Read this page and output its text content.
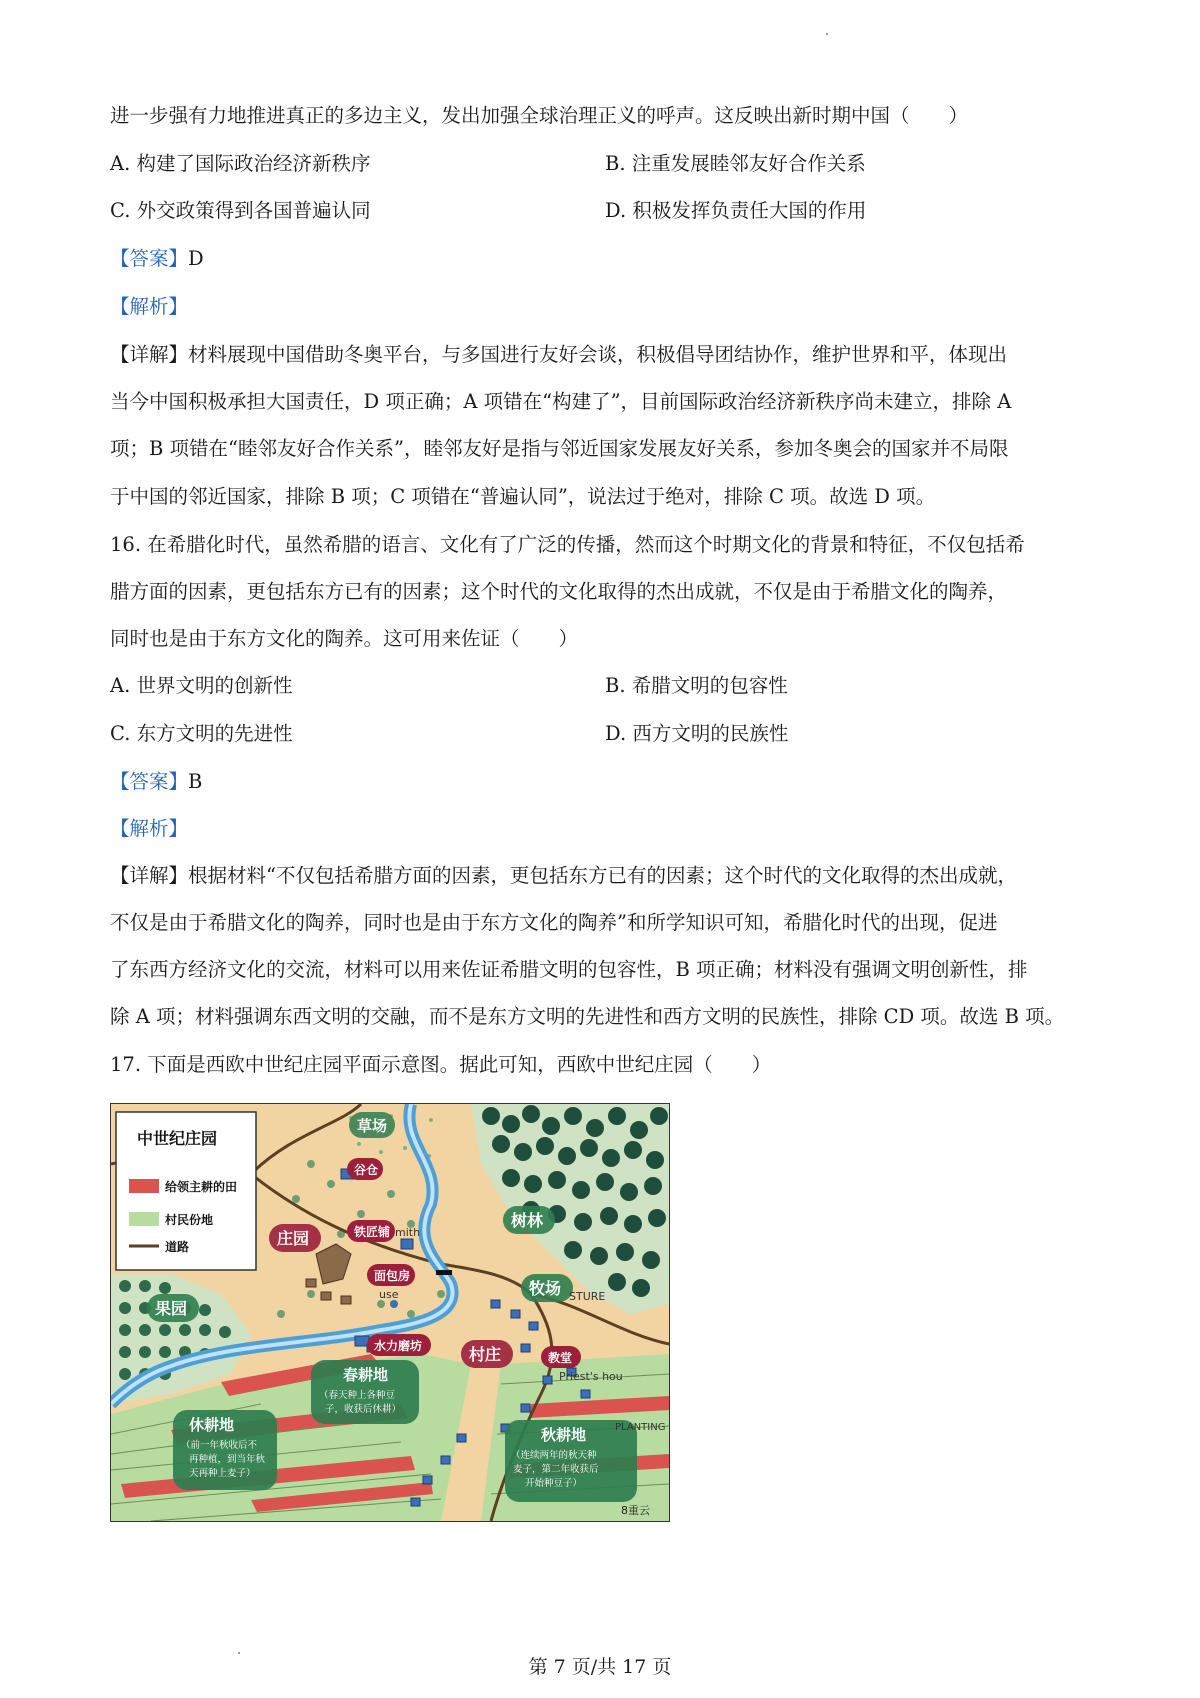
进一步强有力地推进真正的多边主义，发出加强全球治理正义的呼声。这反映出新时期中国（　　）
A. 构建了国际政治经济新秩序	B. 注重发展睦邻友好合作关系
C. 外交政策得到各国普遍认同	D. 积极发挥负责任大国的作用
【答案】D
【解析】
【详解】材料展现中国借助冬奥平台，与多国进行友好会谈，积极倡导团结协作，维护世界和平，体现出
当今中国积极承担大国责任，D 项正确；A 项错在“构建了”，目前国际政治经济新秩序尚未建立，排除 A
项；B 项错在“睦邻友好合作关系”，睦邻友好是指与邻近国家发展友好关系，参加冬奥会的国家并不局限
于中国的邻近国家，排除 B 项；C 项错在“普遍认同”，说法过于绝对，排除 C 项。故选 D 项。
16. 在希腊化时代，虽然希腊的语言、文化有了广泛的传播，然而这个时期文化的背景和特征，不仅包括希
腊方面的因素，更包括东方已有的因素；这个时代的文化取得的杰出成就，不仅是由于希腊文化的陶养，
同时也是由于东方文化的陶养。这可用来佐证（　　）
A. 世界文明的创新性	B. 希腊文明的包容性
C. 东方文明的先进性	D. 西方文明的民族性
【答案】B
【解析】
【详解】根据材料“不仅包括希腊方面的因素，更包括东方已有的因素；这个时代的文化取得的杰出成就，
不仅是由于希腊文化的陶养，同时也是由于东方文化的陶养”和所学知识可知，希腊化时代的出现，促进
了东西方经济文化的交流，材料可以用来佐证希腊文明的包容性，B 项正确；材料没有强调文明创新性，排
除 A 项；材料强调东西文明的交融，而不是东方文明的先进性和西方文明的民族性，排除 CD 项。故选 B 项。
17. 下面是西欧中世纪庄园平面示意图。据此可知，西欧中世纪庄园（　　）
中世纪庄园
给领主耕的田
村民份地
道路
草场
谷仓
庄园	铁匠铺 mith
面包房
use
树林
牧场 STURE
果园
水力磨坊	村庄	教堂
Priest's hou
春耕地
（春天种上各种豆
子，收获后休耕）
休耕地
（前一年秋收后不
再种植，到当年秋
天再种上麦子）
秋耕地
（连续两年的秋天种
麦子，第二年收获后
开始种豆子）
PLANTING
8重云
第 7 页/共 17 页
